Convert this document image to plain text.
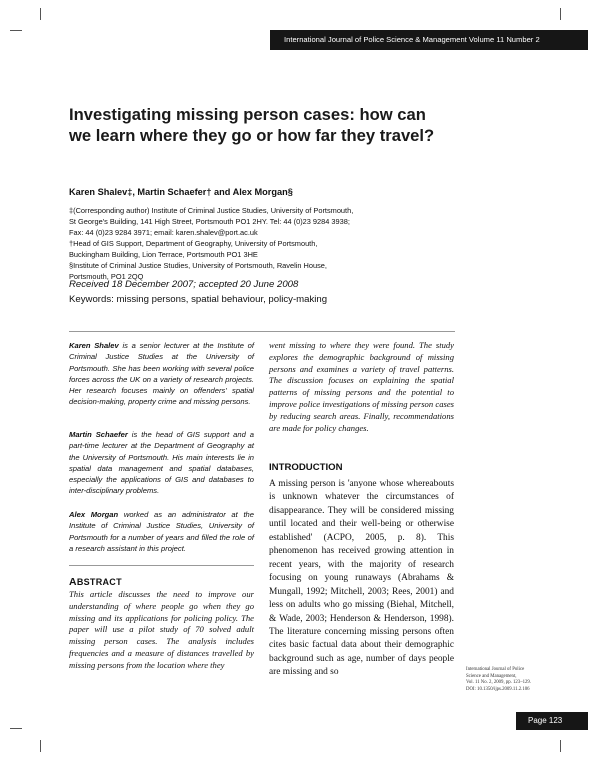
International Journal of Police Science & Management Volume 11 Number 2
Investigating missing person cases: how can we learn where they go or how far they travel?
Karen Shalev‡, Martin Schaefer† and Alex Morgan§
‡(Corresponding author) Institute of Criminal Justice Studies, University of Portsmouth,
St George's Building, 141 High Street, Portsmouth PO1 2HY. Tel: 44 (0)23 9284 3938;
Fax: 44 (0)23 9284 3971; email: karen.shalev@port.ac.uk
†Head of GIS Support, Department of Geography, University of Portsmouth,
Buckingham Building, Lion Terrace, Portsmouth PO1 3HE
§Institute of Criminal Justice Studies, University of Portsmouth, Ravelin House,
Portsmouth, PO1 2QQ
Received 18 December 2007; accepted 20 June 2008
Keywords: missing persons, spatial behaviour, policy-making

Karen Shalev is a senior lecturer at the Institute of Criminal Justice Studies at the University of Portsmouth. She has been working with several police forces across the UK on a variety of research projects. Her research focuses mainly on offenders' spatial decision-making, property crime and missing persons.

Martin Schaefer is the head of GIS support and a part-time lecturer at the Department of Geography at the University of Portsmouth. His main interests lie in spatial data management and spatial databases, especially the applications of GIS and databases to inter-disciplinary problems.

Alex Morgan worked as an administrator at the Institute of Criminal Justice Studies, University of Portsmouth for a number of years and filled the role of a research assistant in this project.

ABSTRACT

This article discusses the need to improve our understanding of where people go when they go missing and its applications for policing policy. The paper will use a pilot study of 70 solved adult missing person cases. The analysis includes frequencies and a measure of distances travelled by missing persons from the location where they

went missing to where they were found. The study explores the demographic background of missing persons and examines a variety of travel patterns. The discussion focuses on explaining the spatial patterns of missing persons and the potential to improve police investigations of missing person cases by reducing search areas. Finally, recommendations are made for policy changes.

INTRODUCTION

A missing person is 'anyone whose whereabouts is unknown whatever the circumstances of disappearance. They will be considered missing until located and their well-being or otherwise established' (ACPO, 2005, p. 8). This phenomenon has received growing attention in recent years, with the majority of research focusing on young runaways (Abrahams & Mungall, 1992; Mitchell, 2003; Rees, 2001) and less on adults who go missing (Biehal, Mitchell, & Wade, 2003; Henderson & Henderson, 1998). The literature concerning missing persons often cites basic factual data about their demographic background such as age, number of days people are missing and so	International Journal of Police
Science and Management,
Vol. 11 No. 2, 2009, pp. 123–129.
DOI: 10.1350/ijps.2009.11.2.106
Page 123
